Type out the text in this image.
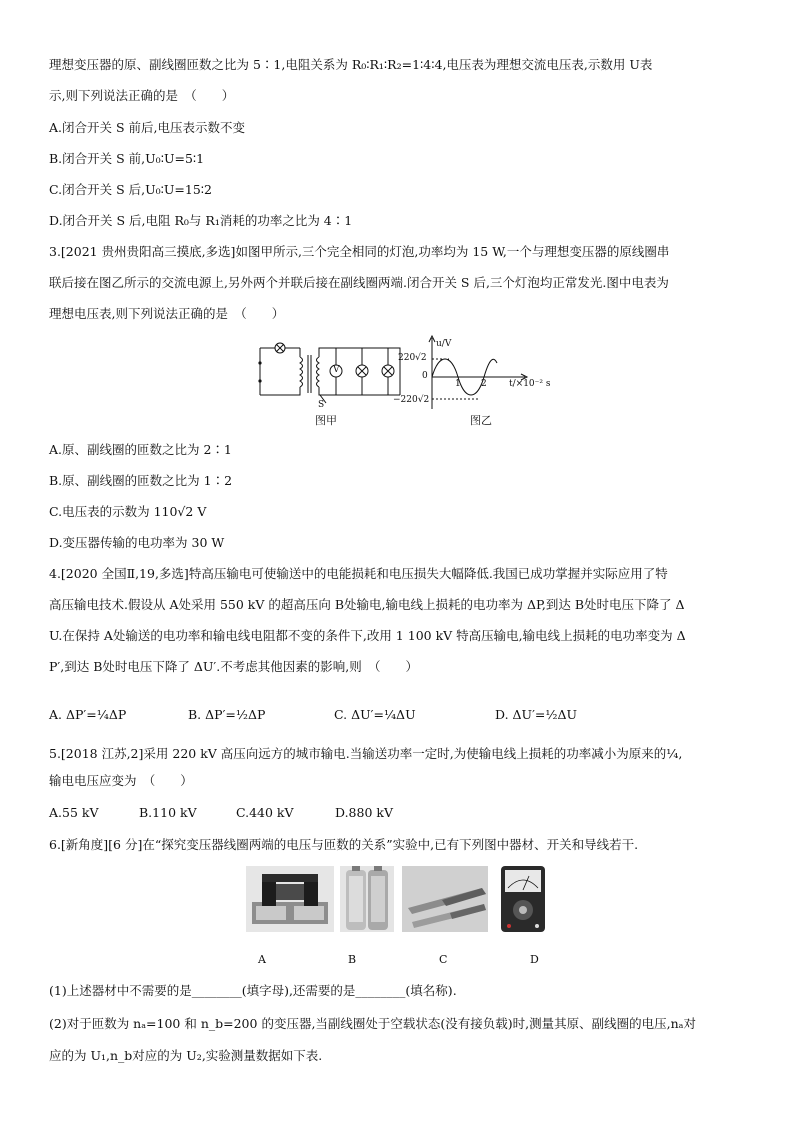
理想变压器的原、副线圈匝数之比为 5∶1,电阻关系为 R₀∶R₁∶R₂=1∶4∶4,电压表为理想交流电压表,示数用 U表
示,则下列说法正确的是　（　　）
A.闭合开关 S 前后,电压表示数不变
B.闭合开关 S 前,U₀∶U=5∶1
C.闭合开关 S 后,U₀∶U=15∶2
D.闭合开关 S 后,电阻 R₀与 R₁消耗的功率之比为 4∶1
3.[2021 贵州贵阳高三摸底,多选]如图甲所示,三个完全相同的灯泡,功率均为 15 W,一个与理想变压器的原线圈串
联后接在图乙所示的交流电源上,另外两个并联后接在副线圈两端.闭合开关 S 后,三个灯泡均正常发光.图中电表为
理想电压表,则下列说法正确的是　（　　）
V
S
图甲
u/V
220√2
0
1 2 t/×10⁻² s
−220√2
图乙
A.原、副线圈的匝数之比为 2∶1
B.原、副线圈的匝数之比为 1∶2
C.电压表的示数为 110√2 V
D.变压器传输的电功率为 30 W
4.[2020 全国Ⅱ,19,多选]特高压输电可使输送中的电能损耗和电压损失大幅降低.我国已成功掌握并实际应用了特
高压输电技术.假设从 A处采用 550 kV 的超高压向 B处输电,输电线上损耗的电功率为 ΔP,到达 B处时电压下降了 Δ
U.在保持 A处输送的电功率和输电线电阻都不变的条件下,改用 1 100 kV 特高压输电,输电线上损耗的电功率变为 Δ
P′,到达 B处时电压下降了 ΔU′.不考虑其他因素的影响,则　（　　）
A. ΔP′=¼ΔP	B. ΔP′=½ΔP	C. ΔU′=¼ΔU	D. ΔU′=½ΔU
5.[2018 江苏,2]采用 220 kV 高压向远方的城市输电.当输送功率一定时,为使输电线上损耗的功率减小为原来的¼,
输电电压应变为　（　　）
A.55 kV	B.110 kV	C.440 kV	D.880 kV
6.[新角度][6 分]在“探究变压器线圈两端的电压与匝数的关系”实验中,已有下列图中器材、开关和导线若干.
A	B	C	D
(1)上述器材中不需要的是________(填字母),还需要的是________(填名称).
(2)对于匝数为 nₐ=100 和 n_b=200 的变压器,当副线圈处于空载状态(没有接负载)时,测量其原、副线圈的电压,nₐ对
应的为 U₁,n_b对应的为 U₂,实验测量数据如下表.
